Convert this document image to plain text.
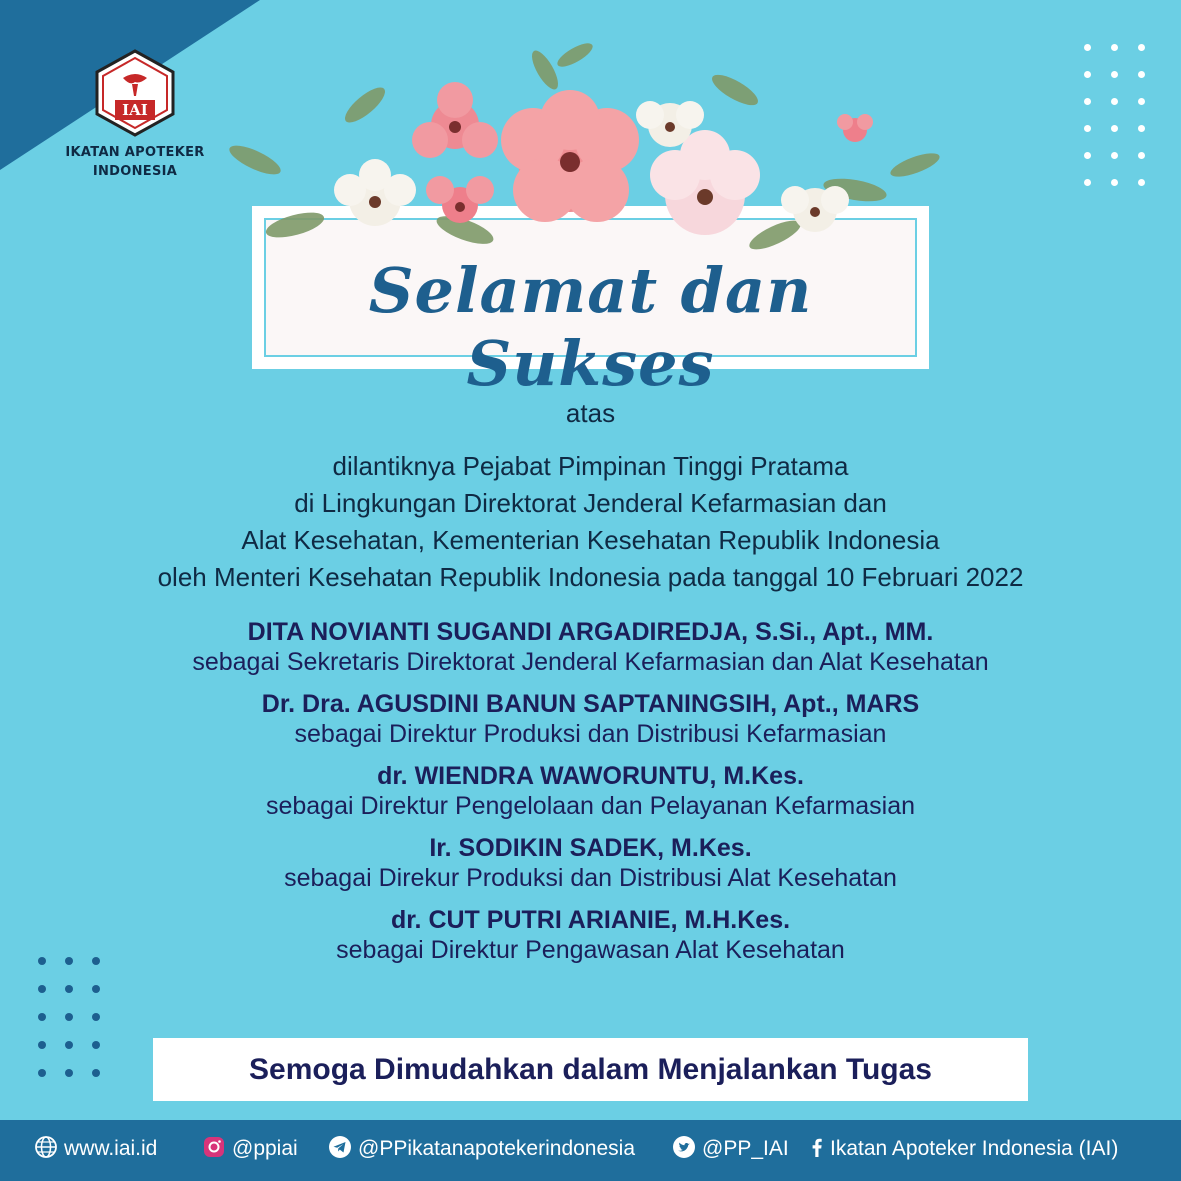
IAI
IKATAN APOTEKER
INDONESIA
Selamat dan Sukses
atas
dilantiknya Pejabat Pimpinan Tinggi Pratama
di Lingkungan Direktorat Jenderal Kefarmasian dan
Alat Kesehatan, Kementerian Kesehatan Republik Indonesia
oleh Menteri Kesehatan Republik Indonesia pada tanggal 10 Februari 2022
DITA NOVIANTI SUGANDI ARGADIREDJA, S.Si., Apt., MM.
sebagai Sekretaris Direktorat Jenderal Kefarmasian dan Alat Kesehatan
Dr. Dra. AGUSDINI BANUN SAPTANINGSIH, Apt., MARS
sebagai Direktur Produksi dan Distribusi Kefarmasian
dr. WIENDRA WAWORUNTU, M.Kes.
sebagai Direktur Pengelolaan dan Pelayanan Kefarmasian
Ir. SODIKIN SADEK, M.Kes.
sebagai Direkur Produksi dan Distribusi Alat Kesehatan
dr. CUT PUTRI ARIANIE, M.H.Kes.
sebagai Direktur Pengawasan Alat Kesehatan
Semoga Dimudahkan dalam Menjalankan Tugas
www.iai.id	@ppiai	@PPikatanapotekerindonesia	@PP_IAI	Ikatan Apoteker Indonesia (IAI)
